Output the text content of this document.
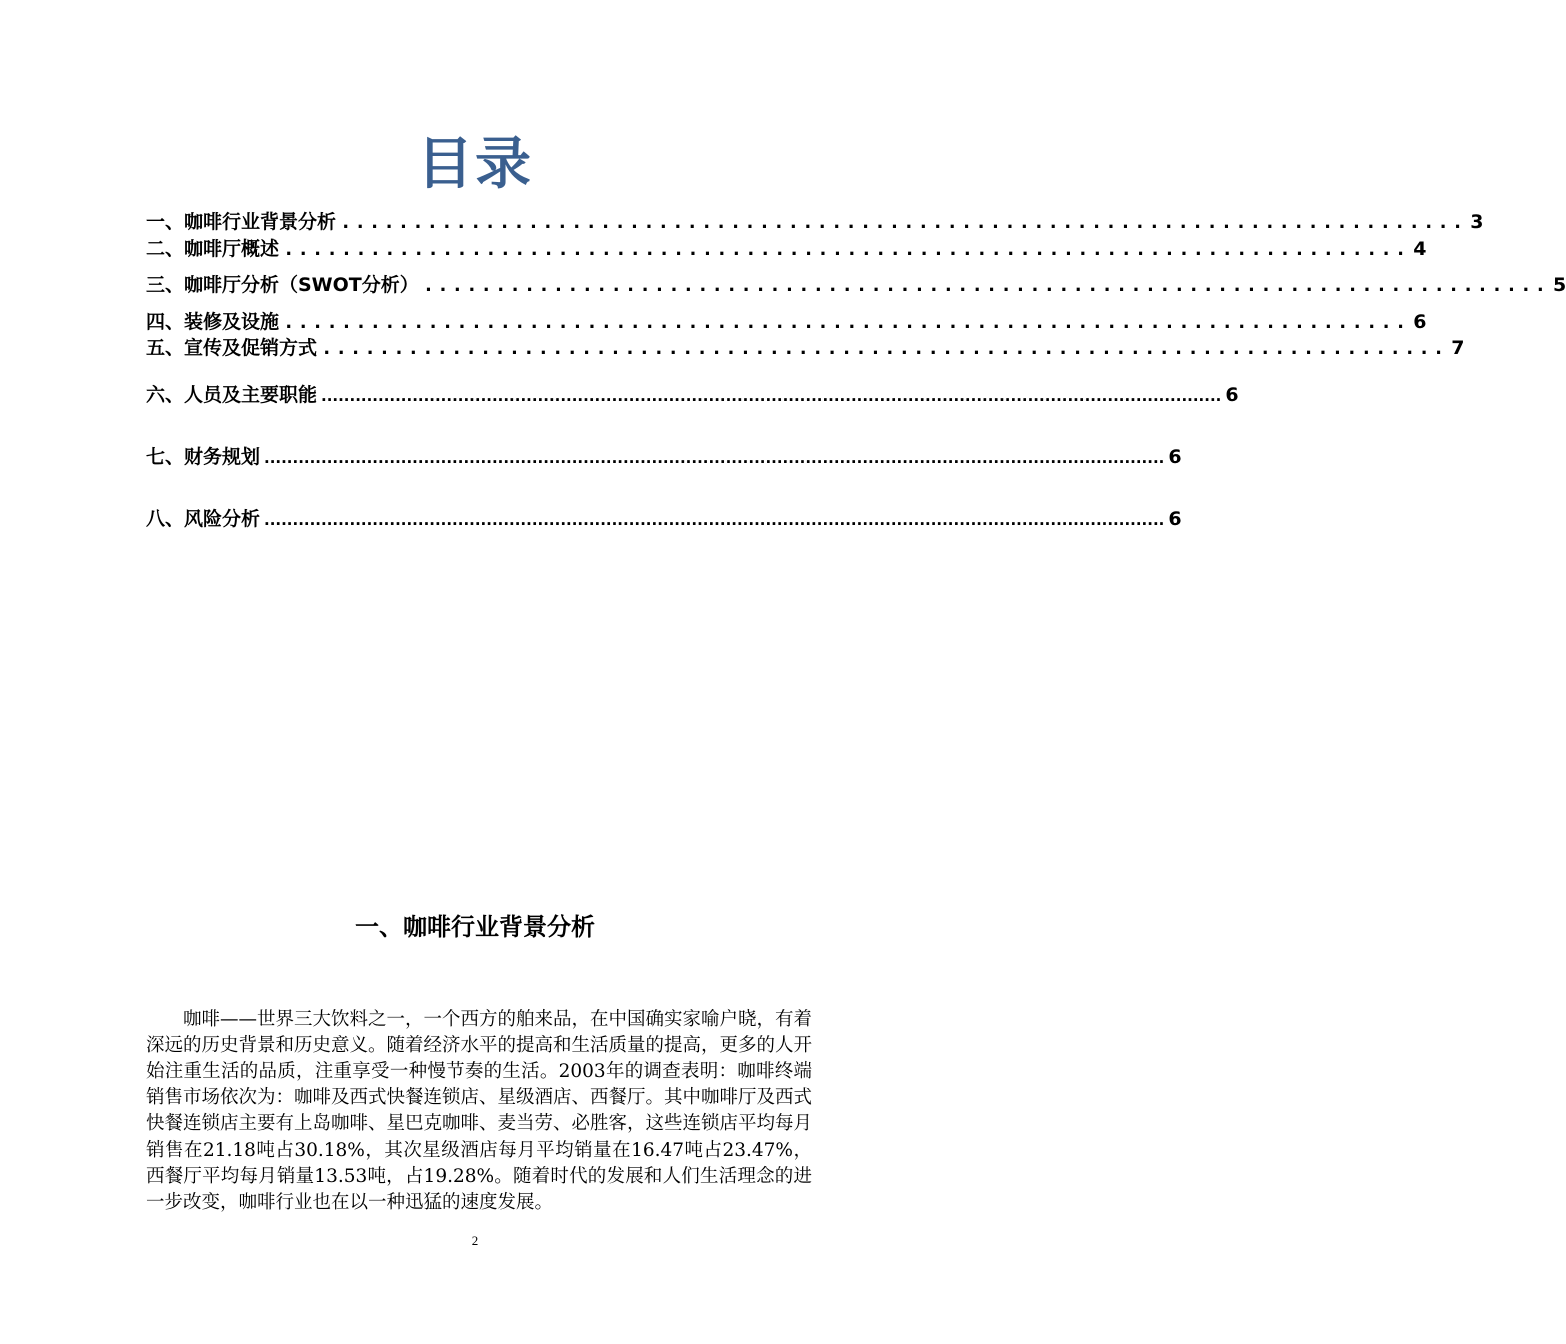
目录
一、咖啡行业背景分析 .............................................................................. 3
二、咖啡厅概述 .............................................................................. 4
三、咖啡厅分析（SWOT分析） .............................................................................. 5
四、装修及设施 .............................................................................. 6
五、宣传及促销方式 .............................................................................. 7
六、人员及主要职能 .............................................................................................................................................................. 6
七、财务规划 .............................................................................................................................................................. 6
八、风险分析 .............................................................................................................................................................. 6
一、咖啡行业背景分析

咖啡——世界三大饮料之一，一个西方的舶来品，在中国确实家喻户晓，有着深远的历史背景和历史意义。随着经济水平的提高和生活质量的提高，更多的人开始注重生活的品质，注重享受一种慢节奏的生活。2003年的调查表明：咖啡终端销售市场依次为：咖啡及西式快餐连锁店、星级酒店、西餐厅。其中咖啡厅及西式快餐连锁店主要有上岛咖啡、星巴克咖啡、麦当劳、必胜客，这些连锁店平均每月销售在21.18吨占30.18%，其次星级酒店每月平均销量在16.47吨占23.47%，西餐厅平均每月销量13.53吨，占19.28%。随着时代的发展和人们生活理念的进一步改变，咖啡行业也在以一种迅猛的速度发展。

2
